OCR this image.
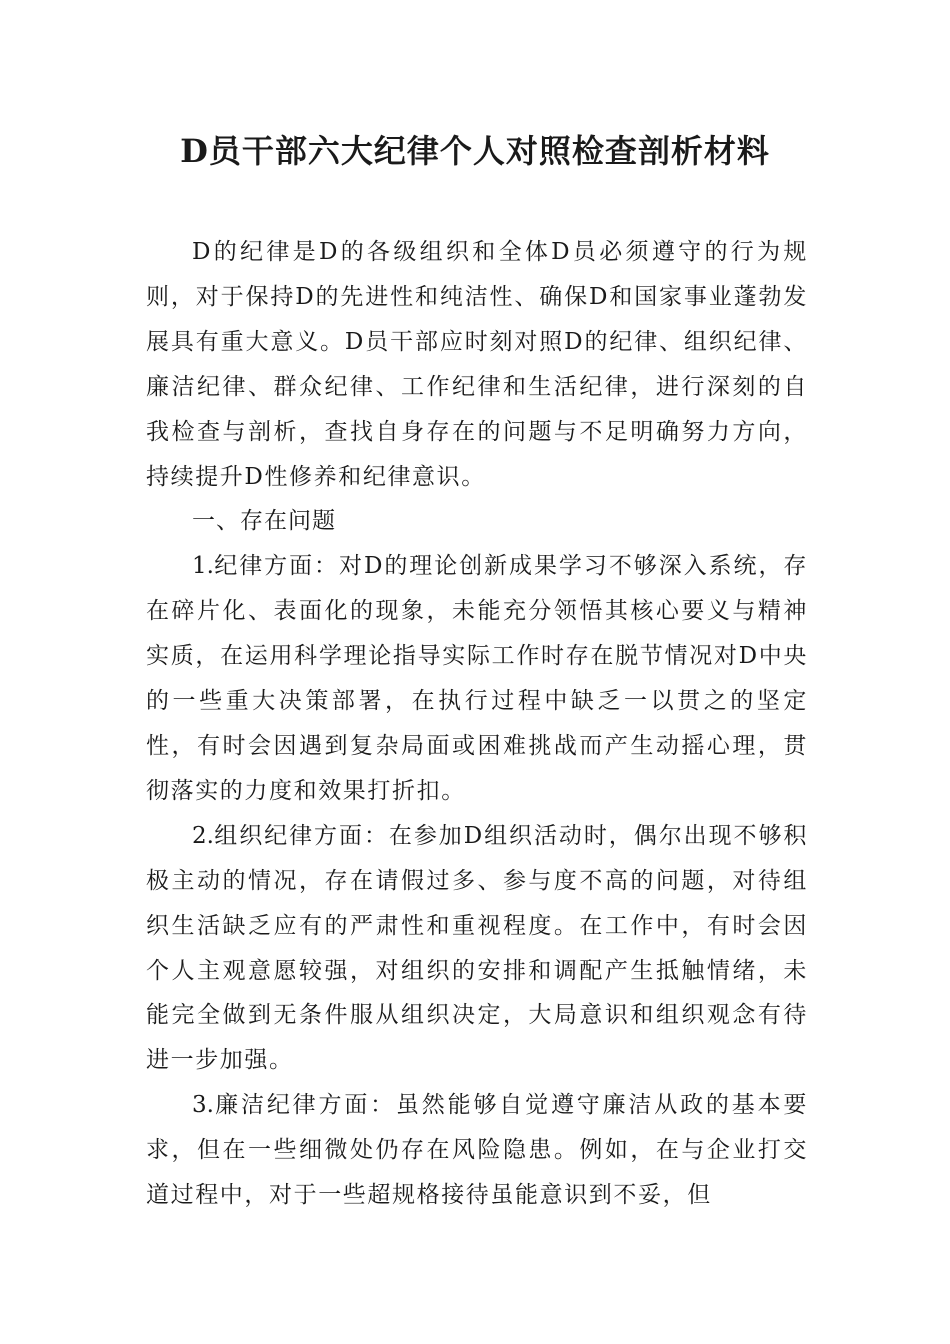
D员干部六大纪律个人对照检查剖析材料

D的纪律是D的各级组织和全体D员必须遵守的行为规则，对于保持D的先进性和纯洁性、确保D和国家事业蓬勃发展具有重大意义。D员干部应时刻对照D的纪律、组织纪律、廉洁纪律、群众纪律、工作纪律和生活纪律，进行深刻的自我检查与剖析，查找自身存在的问题与不足明确努力方向，持续提升D性修养和纪律意识。

一、存在问题

1.纪律方面：对D的理论创新成果学习不够深入系统，存在碎片化、表面化的现象，未能充分领悟其核心要义与精神实质，在运用科学理论指导实际工作时存在脱节情况对D中央的一些重大决策部署，在执行过程中缺乏一以贯之的坚定性，有时会因遇到复杂局面或困难挑战而产生动摇心理，贯彻落实的力度和效果打折扣。

2.组织纪律方面：在参加D组织活动时，偶尔出现不够积极主动的情况，存在请假过多、参与度不高的问题，对待组织生活缺乏应有的严肃性和重视程度。在工作中，有时会因个人主观意愿较强，对组织的安排和调配产生抵触情绪，未能完全做到无条件服从组织决定，大局意识和组织观念有待进一步加强。

3.廉洁纪律方面：虽然能够自觉遵守廉洁从政的基本要求，但在一些细微处仍存在风险隐患。例如，在与企业打交道过程中，对于一些超规格接待虽能意识到不妥，但
